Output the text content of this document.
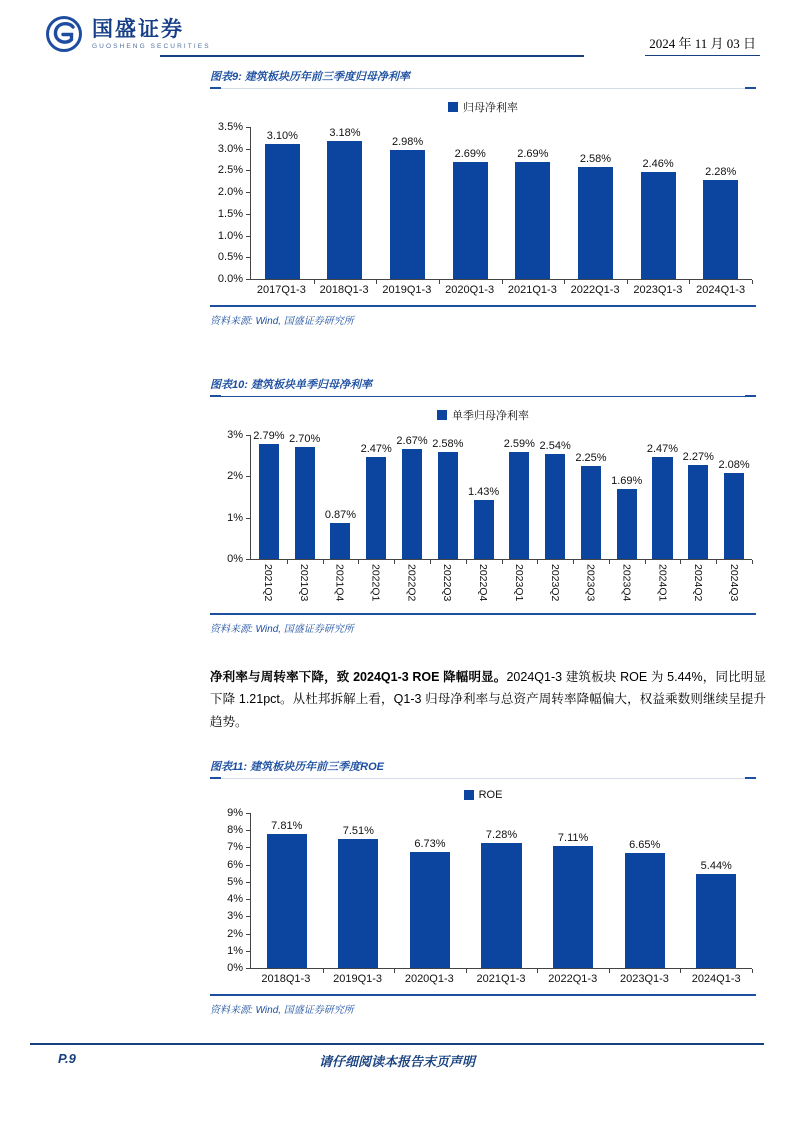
国盛证券
GUOSHENG SECURITIES	2024 年 11 月 03 日
图表9: 建筑板块历年前三季度归母净利率
归母净利率
3.5%
3.0%
2.5%
2.0%
1.5%
1.0%
0.5%
0.0%
3.10%	3.18%
2.98%
2.69%	2.69%	2.58%	2.46%
2.28%
2017Q1-3	2018Q1-3	2019Q1-3	2020Q1-3	2021Q1-3	2022Q1-3	2023Q1-3	2024Q1-3
资料来源: Wind, 国盛证券研究所
图表10: 建筑板块单季归母净利率
单季归母净利率
3%
2%
1%
0%
2.79% 2.70%
0.87%
2.47%
2.67% 2.58%
1.43%
2.59% 2.54%
2.25%
1.69%
2.47%
2.27%
2.08%
2021Q2	2021Q3	2021Q4	2022Q1	2022Q2	2022Q3	2022Q4	2023Q1	2023Q2	2023Q3	2023Q4	2024Q1	2024Q2	2024Q3
资料来源: Wind, 国盛证券研究所

净利率与周转率下降，致 2024Q1-3 ROE 降幅明显。2024Q1-3 建筑板块 ROE 为 5.44%，同比明显下降 1.21pct。从杜邦拆解上看，Q1-3 归母净利率与总资产周转率降幅偏大，权益乘数则继续呈提升趋势。

图表11: 建筑板块历年前三季度ROE
ROE
9%
8%
7%
6%
5%
4%
3%
2%
1%
0%
7.81%	7.51%
6.73%
7.28%	7.11%
6.65%
5.44%
2018Q1-3	2019Q1-3	2020Q1-3	2021Q1-3	2022Q1-3	2023Q1-3	2024Q1-3
资料来源: Wind, 国盛证券研究所
P.9	请仔细阅读本报告末页声明
